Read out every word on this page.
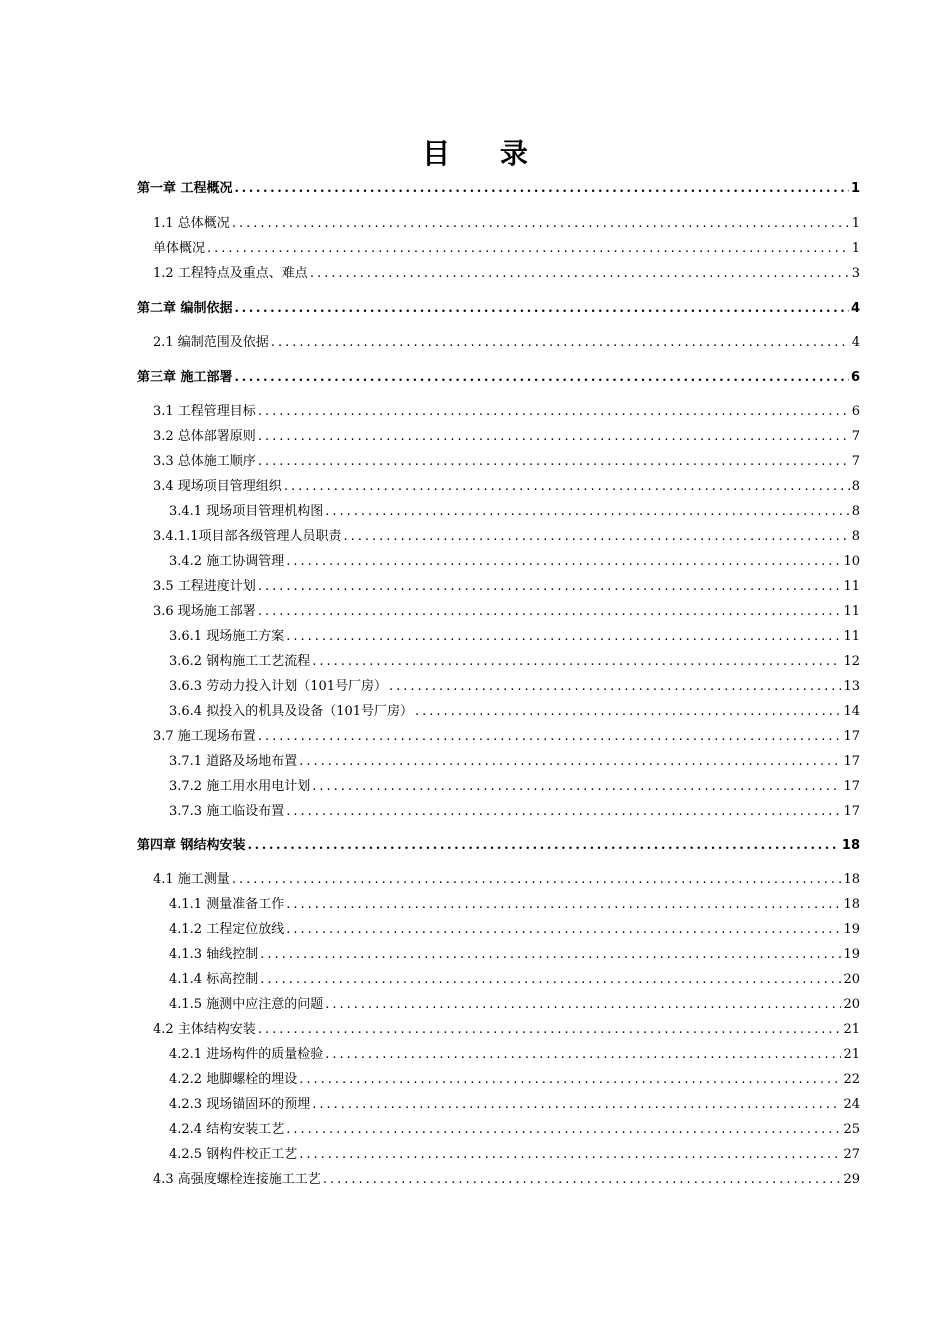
目 录
第一章 工程概况 .....	1
1.1 总体概况 .....	1
单体概况 .....	1
1.2 工程特点及重点、难点 .....	3
第二章 编制依据 .....	4
2.1 编制范围及依据 .....	4
第三章 施工部署 .....	6
3.1 工程管理目标 .....	6
3.2 总体部署原则 .....	7
3.3 总体施工顺序 .....	7
3.4 现场项目管理组织 .....	8
3.4.1 现场项目管理机构图 .....	8
3.4.1.1项目部各级管理人员职责 .....	8
3.4.2 施工协调管理 .....	10
3.5 工程进度计划 .....	11
3.6 现场施工部署 .....	11
3.6.1 现场施工方案 .....	11
3.6.2 钢构施工工艺流程 .....	12
3.6.3 劳动力投入计划（101号厂房） .....	13
3.6.4 拟投入的机具及设备（101号厂房） .....	14
3.7 施工现场布置 .....	17
3.7.1 道路及场地布置 .....	17
3.7.2 施工用水用电计划 .....	17
3.7.3 施工临设布置 .....	17
第四章 钢结构安装 .....	18
4.1 施工测量 .....	18
4.1.1 测量准备工作 .....	18
4.1.2 工程定位放线 .....	19
4.1.3 轴线控制 .....	19
4.1.4 标高控制 .....	20
4.1.5 施测中应注意的问题 .....	20
4.2 主体结构安装 .....	21
4.2.1 进场构件的质量检验 .....	21
4.2.2 地脚螺栓的埋设 .....	22
4.2.3 现场锚固环的预埋 .....	24
4.2.4 结构安装工艺 .....	25
4.2.5 钢构件校正工艺 .....	27
4.3 高强度螺栓连接施工工艺 .....	29
